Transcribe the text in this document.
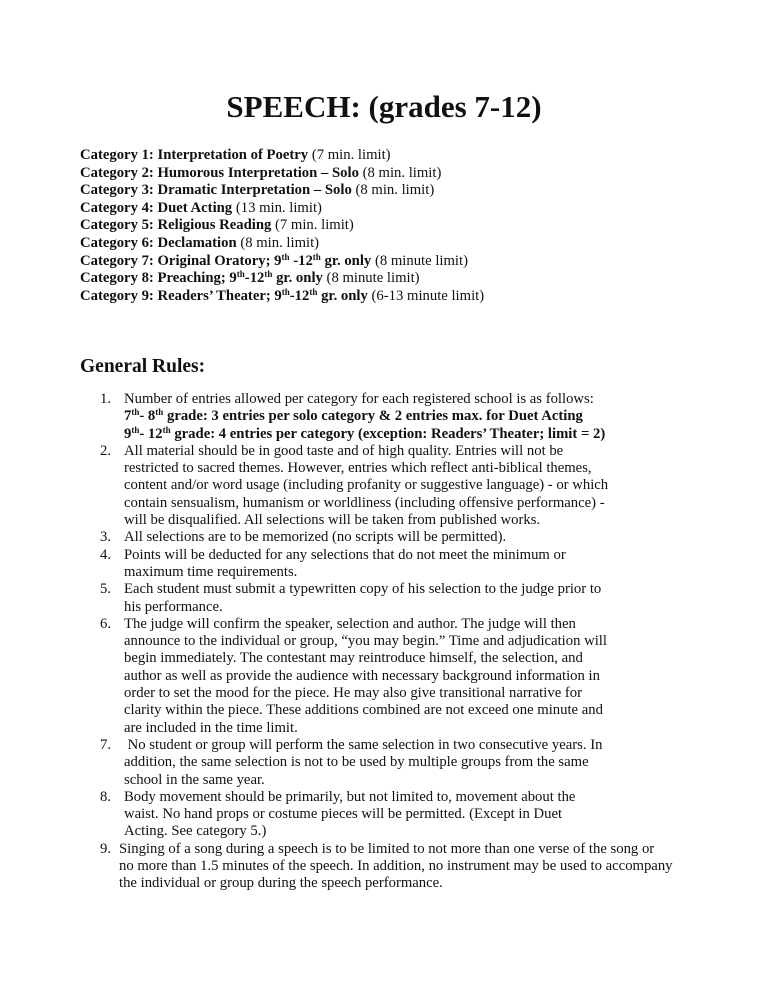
SPEECH: (grades 7-12)
Category 1: Interpretation of Poetry (7 min. limit)
Category 2: Humorous Interpretation – Solo (8 min. limit)
Category 3: Dramatic Interpretation – Solo (8 min. limit)
Category 4: Duet Acting (13 min. limit)
Category 5: Religious Reading (7 min. limit)
Category 6: Declamation (8 min. limit)
Category 7: Original Oratory; 9th -12th gr. only (8 minute limit)
Category 8: Preaching; 9th-12th gr. only (8 minute limit)
Category 9: Readers’ Theater; 9th-12th gr. only (6-13 minute limit)
General Rules:
1. Number of entries allowed per category for each registered school is as follows:
7th- 8th grade: 3 entries per solo category & 2 entries max. for Duet Acting
9th- 12th grade: 4 entries per category (exception: Readers’ Theater; limit = 2)
2. All material should be in good taste and of high quality. Entries will not be
restricted to sacred themes. However, entries which reflect anti-biblical themes,
content and/or word usage (including profanity or suggestive language) - or which
contain sensualism, humanism or worldliness (including offensive performance) -
will be disqualified. All selections will be taken from published works.
3. All selections are to be memorized (no scripts will be permitted).
4. Points will be deducted for any selections that do not meet the minimum or
maximum time requirements.
5. Each student must submit a typewritten copy of his selection to the judge prior to
his performance.
6. The judge will confirm the speaker, selection and author. The judge will then
announce to the individual or group, “you may begin.” Time and adjudication will
begin immediately. The contestant may reintroduce himself, the selection, and
author as well as provide the audience with necessary background information in
order to set the mood for the piece. He may also give transitional narrative for
clarity within the piece. These additions combined are not exceed one minute and
are included in the time limit.
7. No student or group will perform the same selection in two consecutive years. In
addition, the same selection is not to be used by multiple groups from the same
school in the same year.
8. Body movement should be primarily, but not limited to, movement about the
waist. No hand props or costume pieces will be permitted. (Except in Duet
Acting. See category 5.)
9. Singing of a song during a speech is to be limited to not more than one verse of the song or
no more than 1.5 minutes of the speech. In addition, no instrument may be used to accompany
the individual or group during the speech performance.
